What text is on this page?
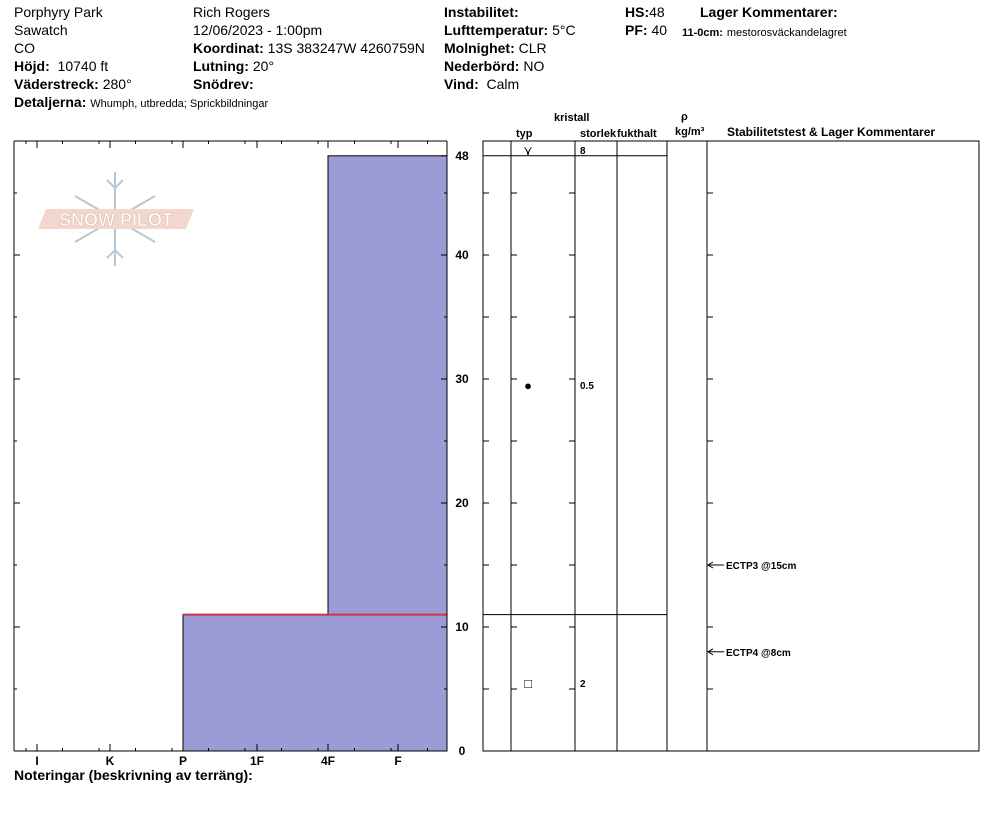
Porphyry Park
Sawatch
CO
Höjd: 10740 ft
Väderstreck: 280°
Detaljerna: Whumph, utbredda; Sprickbildningar
Rich Rogers
12/06/2023 - 1:00pm
Koordinat: 13S 383247W 4260759N
Lutning: 20°
Snödrev:
Instabilitet:
Lufttemperatur: 5°C
Molnighet: CLR
Nederbörd: NO
Vind: Calm
HS:48
PF: 40
Lager Kommentarer:
11-0cm: mestorosväckandelagret
kristall
typ	storlek fukthalt
ρ
kg/m³ Stabilitetstest & Lager Kommentarer
Noteringar (beskrivning av terräng):
SNOW PILOT
I	K	P	1F	4F	F
0
10
20
30
40
48	⋎	8
●	0.5
□	2
ECTP3 @15cm
ECTP4 @8cm
